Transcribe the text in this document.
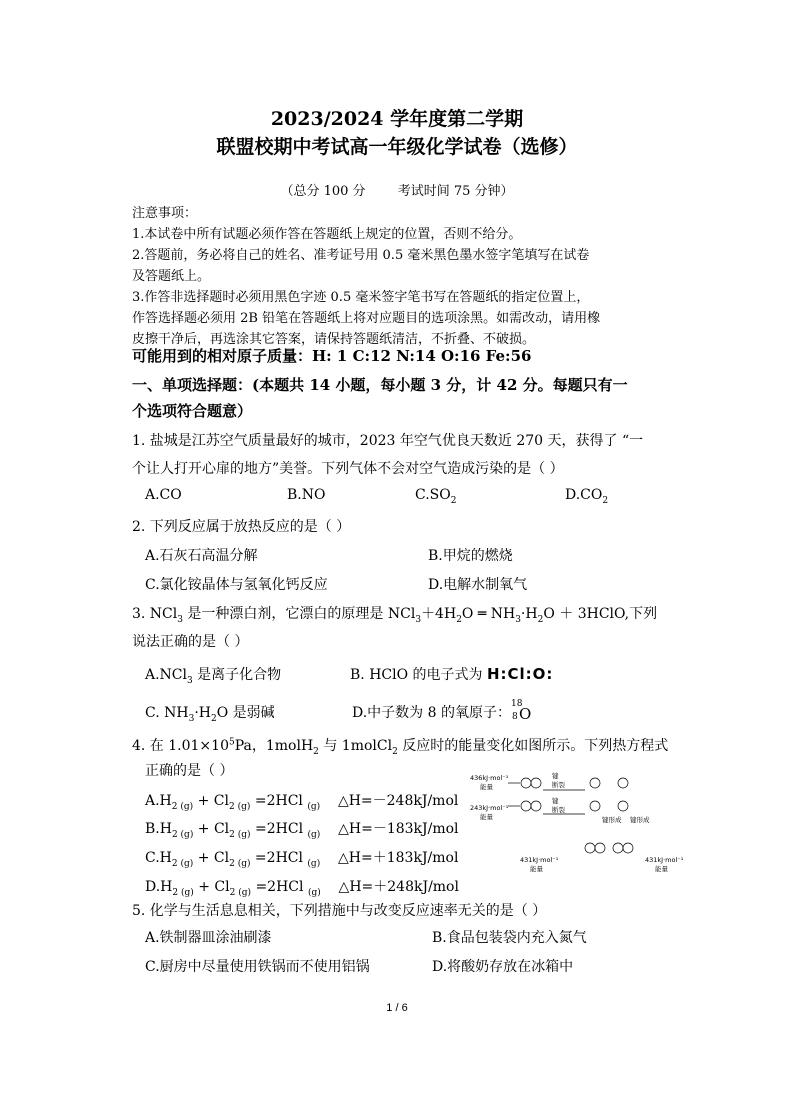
2023/2024 学年度第二学期
联盟校期中考试高一年级化学试卷（选修）
（总分 100 分 考试时间 75 分钟）
注意事项：
1.本试卷中所有试题必须作答在答题纸上规定的位置，否则不给分。
2.答题前，务必将自己的姓名、准考证号用 0.5 毫米黑色墨水签字笔填写在试卷
及答题纸上。
3.作答非选择题时必须用黑色字迹 0.5 毫米签字笔书写在答题纸的指定位置上，
作答选择题必须用 2B 铅笔在答题纸上将对应题目的选项涂黑。如需改动，请用橡
皮擦干净后，再选涂其它答案，请保持答题纸清洁，不折叠、不破损。
可能用到的相对原子质量：H: 1 C:12 N:14 O:16 Fe:56
一、单项选择题：(本题共 14 小题，每小题 3 分，计 42 分。每题只有一
个选项符合题意）
1. 盐城是江苏空气质量最好的城市，2023 年空气优良天数近 270 天，获得了 “一
个让人打开心扉的地方”美誉。下列气体不会对空气造成污染的是（ ）
A.CO	B.NO	$C.SO_2$	$D.CO_2$
2. 下列反应属于放热反应的是（ ）
A.石灰石高温分解	B.甲烷的燃烧
C.氯化铵晶体与氢氧化钙反应	D.电解水制氧气
3. NCl$_3$ 是一种漂白剂，它漂白的原理是 $NCl_3+4H_2O$ ═ $NH_3\cdot H_2O$ ＋ 3HClO,下列
说法正确的是（ ）
A.NCl$_3$ 是离子化合物	B. HClO 的电子式为 H:Cl:O:
C. $NH_3\cdot H_2O$ 是弱碱	D.中子数为 8 的氧原子：
18
8 O
4. 在 $1.01\times 10^5Pa$，1molH$_2$ 与 1molCl$_2$ 反应时的能量变化如图所示。下列热方程式
正确的是（ ）
$A.H_{2 (g)} + Cl_{2 (g)} =2HCl$ $_{(g)}$ △H=－248kJ/mol
$B.H_{2 (g)} + Cl_{2 (g)} =2HCl$ $_{(g)}$ △H=－183kJ/mol
$C.H_{2 (g)} + Cl_{2 (g)} =2HCl$ $_{(g)}$ △H=＋183kJ/mol
$D.H_{2 (g)} + Cl_{2 (g)} =2HCl$ $_{(g)}$ △H=＋248kJ/mol
436kJ·mol⁻¹
能量
243kJ·mol⁻¹
能量
键
断裂
键
断裂
键形成 键形成
431kJ·mol⁻¹
能量
431kJ·mol⁻¹
能量
5. 化学与生活息息相关，下列措施中与改变反应速率无关的是（ ）
A.铁制器皿涂油刷漆	B.食品包装袋内充入氮气
C.厨房中尽量使用铁锅而不使用铝锅	D.将酸奶存放在冰箱中
1 / 6
